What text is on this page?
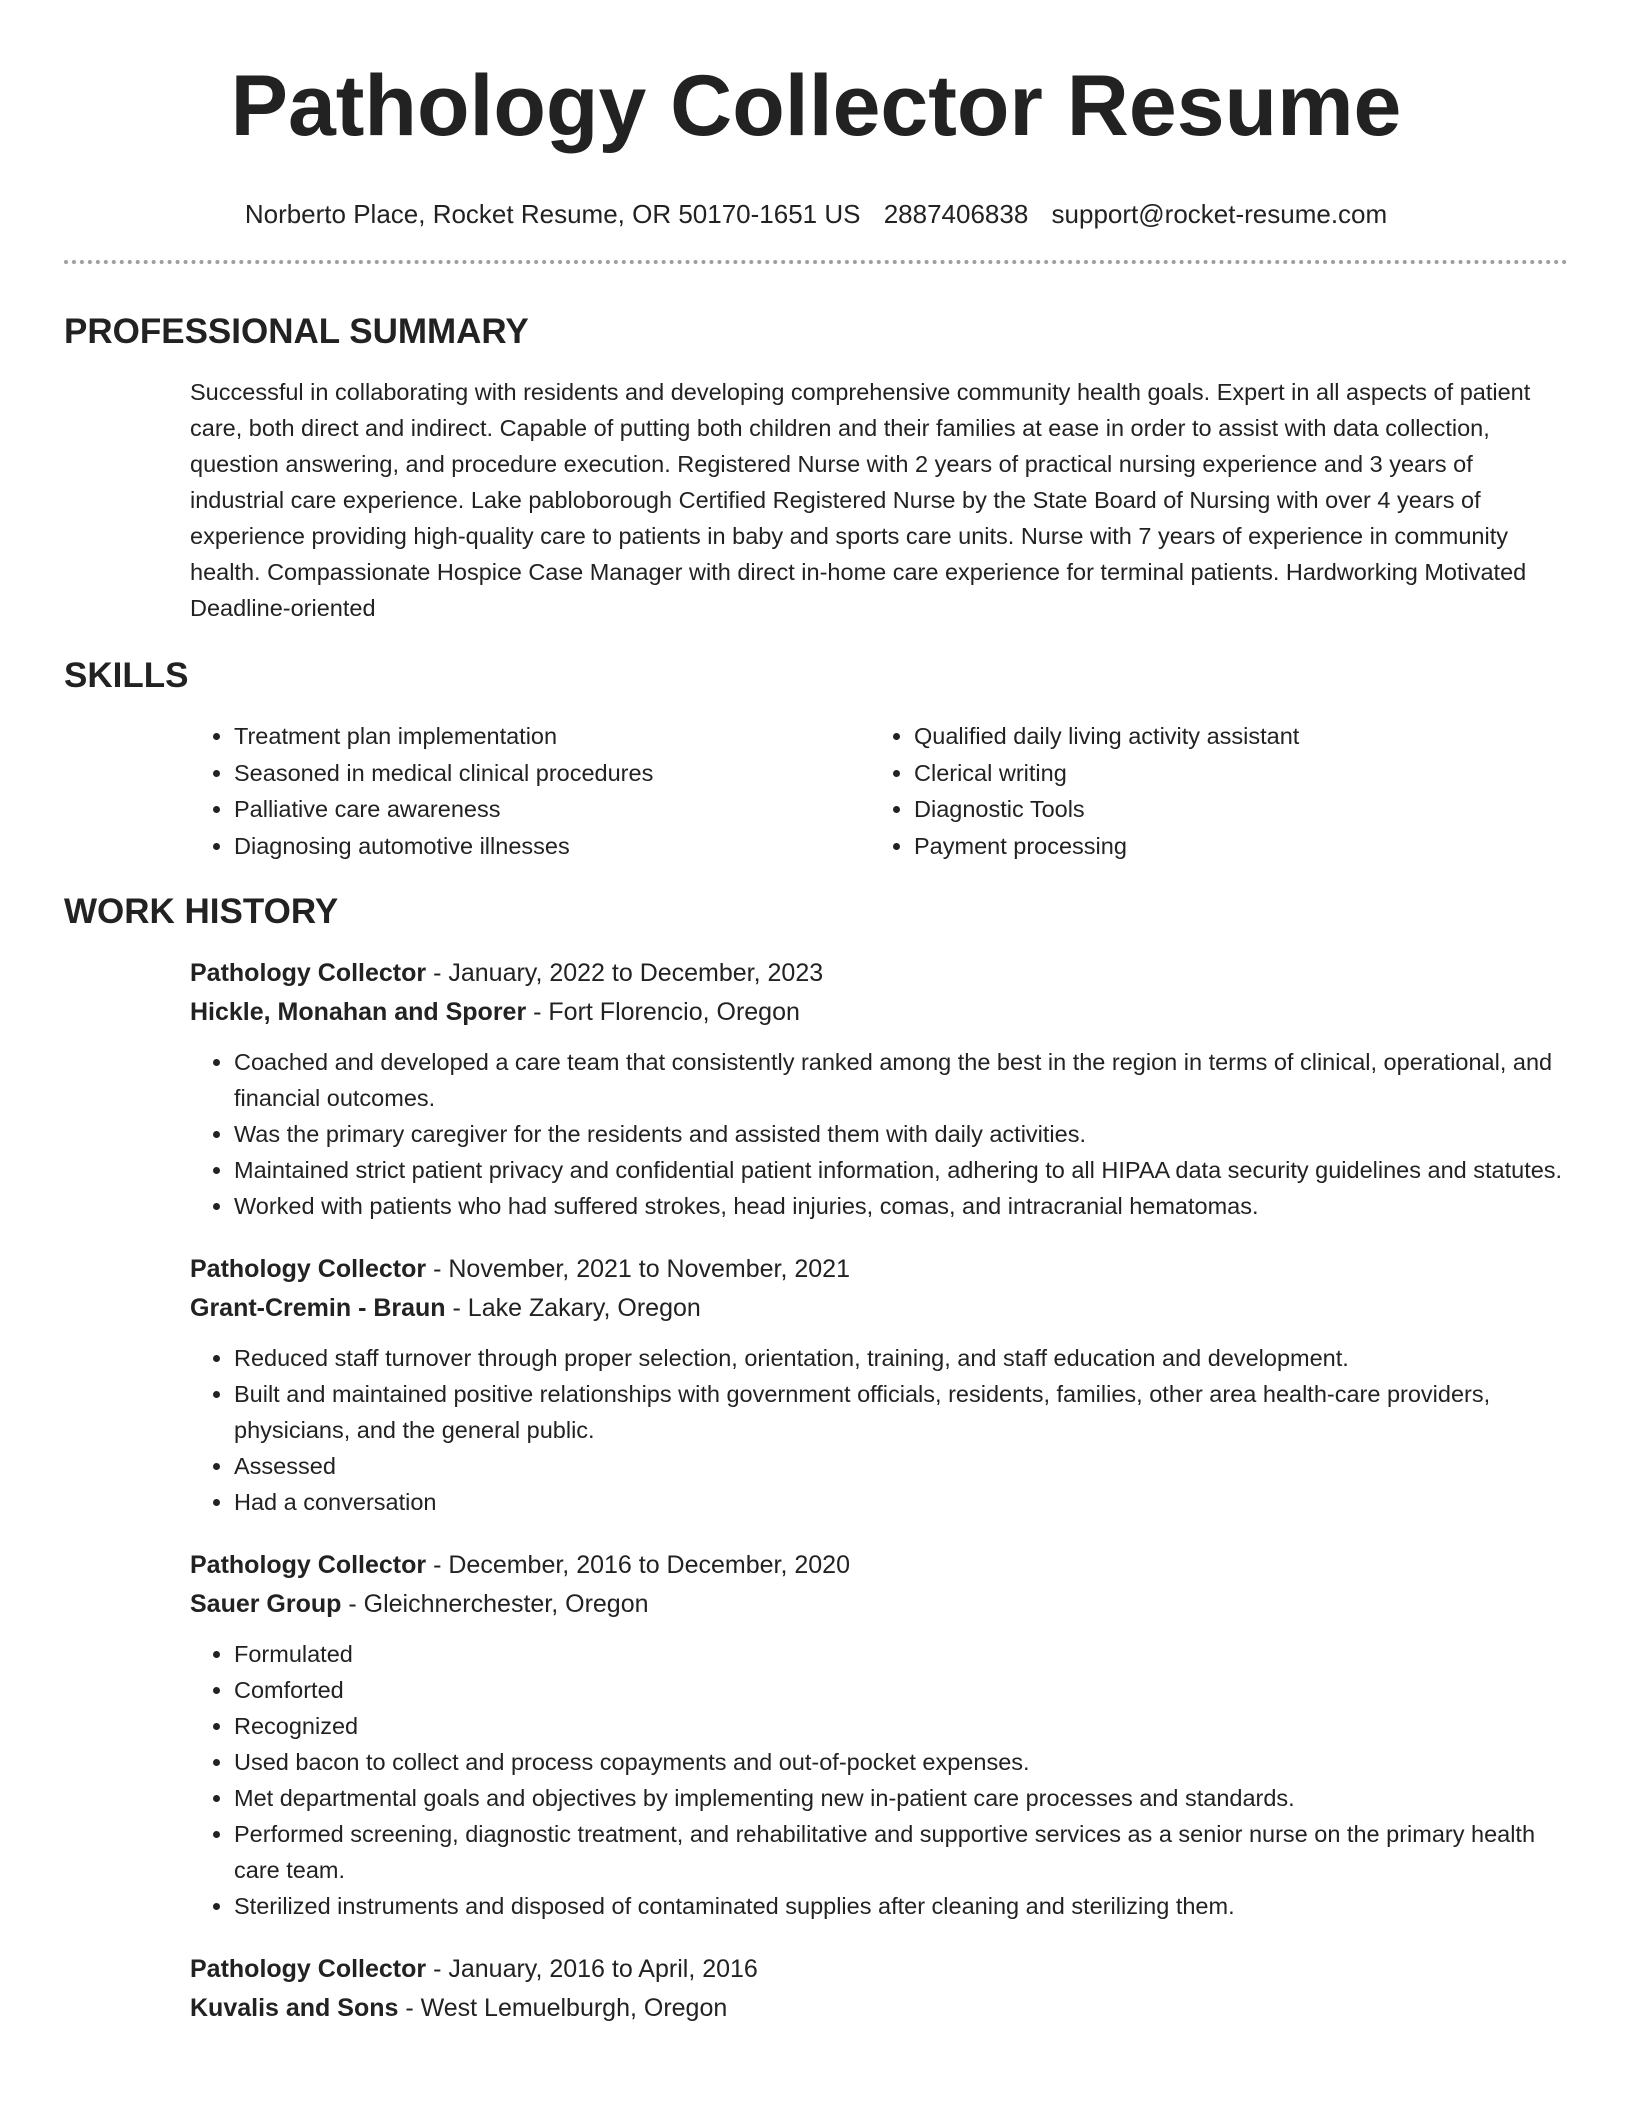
Pathology Collector Resume
Norberto Place, Rocket Resume, OR 50170-1651 US 2887406838 support@rocket-resume.com
PROFESSIONAL SUMMARY

Successful in collaborating with residents and developing comprehensive community health goals. Expert in all aspects of patient care, both direct and indirect. Capable of putting both children and their families at ease in order to assist with data collection, question answering, and procedure execution. Registered Nurse with 2 years of practical nursing experience and 3 years of industrial care experience. Lake pabloborough Certified Registered Nurse by the State Board of Nursing with over 4 years of experience providing high-quality care to patients in baby and sports care units. Nurse with 7 years of experience in community health. Compassionate Hospice Case Manager with direct in-home care experience for terminal patients. Hardworking Motivated Deadline-oriented

SKILLS
• Treatment plan implementation
• Seasoned in medical clinical procedures
• Palliative care awareness
• Diagnosing automotive illnesses
• Qualified daily living activity assistant
• Clerical writing
• Diagnostic Tools
• Payment processing
WORK HISTORY
Pathology Collector - January, 2022 to December, 2023
Hickle, Monahan and Sporer - Fort Florencio, Oregon
• Coached and developed a care team that consistently ranked among the best in the region in terms of clinical, operational, and financial outcomes.
• Was the primary caregiver for the residents and assisted them with daily activities.
• Maintained strict patient privacy and confidential patient information, adhering to all HIPAA data security guidelines and statutes.
• Worked with patients who had suffered strokes, head injuries, comas, and intracranial hematomas.
Pathology Collector - November, 2021 to November, 2021
Grant-Cremin - Braun - Lake Zakary, Oregon
• Reduced staff turnover through proper selection, orientation, training, and staff education and development.
• Built and maintained positive relationships with government officials, residents, families, other area health-care providers, physicians, and the general public.
• Assessed
• Had a conversation
Pathology Collector - December, 2016 to December, 2020
Sauer Group - Gleichnerchester, Oregon
• Formulated
• Comforted
• Recognized
• Used bacon to collect and process copayments and out-of-pocket expenses.
• Met departmental goals and objectives by implementing new in-patient care processes and standards.
• Performed screening, diagnostic treatment, and rehabilitative and supportive services as a senior nurse on the primary health care team.
• Sterilized instruments and disposed of contaminated supplies after cleaning and sterilizing them.
Pathology Collector - January, 2016 to April, 2016
Kuvalis and Sons - West Lemuelburgh, Oregon
